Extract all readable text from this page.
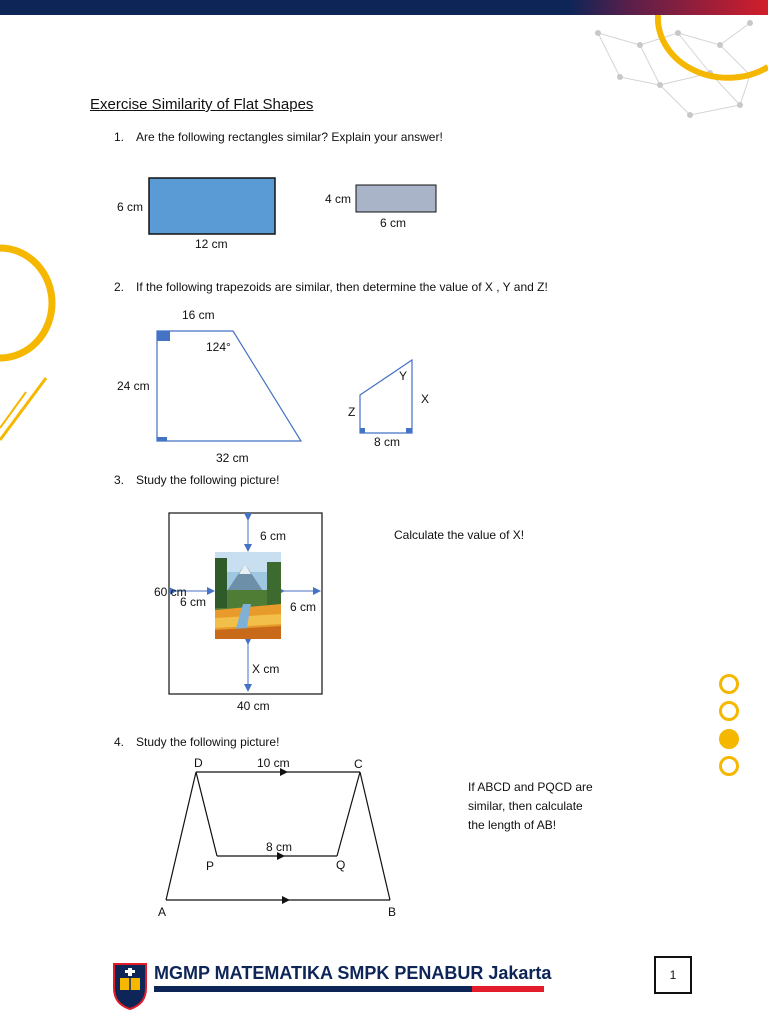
Exercise Similarity of Flat Shapes
1. Are the following rectangles similar? Explain your answer!
6 cm
12 cm
4 cm
6 cm
2. If the following trapezoids are similar, then determine the value of X , Y and Z!
16 cm
124°
24 cm
32 cm
Y
X
Z
8 cm
3. Study the following picture!
Calculate the value of X!
6 cm
60 cm
6 cm	6 cm
X cm
40 cm
4. Study the following picture!
If ABCD and PQCD are
similar, then calculate
the length of AB!
D	C
10 cm
8 cm
P	Q
A	B
MGMP MATEMATIKA SMPK PENABUR Jakarta	1
